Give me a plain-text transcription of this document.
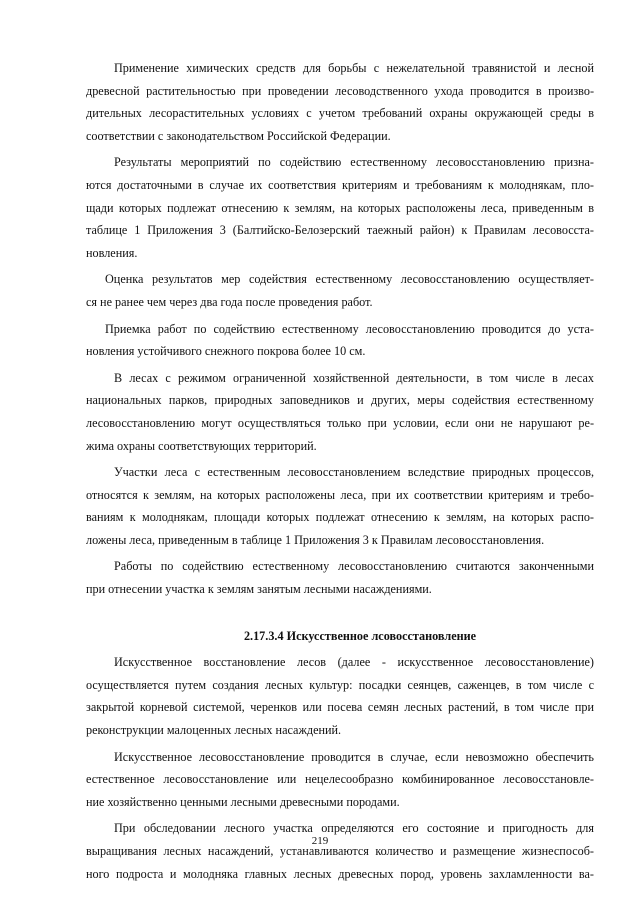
Применение химических средств для борьбы с нежелательной травянистой и лесной
древесной растительностью при проведении лесоводственного ухода проводится в произво-
дительных лесорастительных условиях с учетом требований охраны окружающей среды в
соответствии с законодательством Российской Федерации.
Результаты мероприятий по содействию естественному лесовосстановлению призна-
ются достаточными в случае их соответствия критериям и требованиям к молоднякам, пло-
щади которых подлежат отнесению к землям, на которых расположены леса, приведенным в
таблице 1 Приложения 3 (Балтийско-Белозерский таежный район) к Правилам лесовосста-
новления.
Оценка результатов мер содействия естественному лесовосстановлению осуществляет-
ся не ранее чем через два года после проведения работ.
Приемка работ по содействию естественному лесовосстановлению проводится до уста-
новления устойчивого снежного покрова более 10 см.
В лесах с режимом ограниченной хозяйственной деятельности, в том числе в лесах
национальных парков, природных заповедников и других, меры содействия естественному
лесовосстановлению могут осуществляться только при условии, если они не нарушают ре-
жима охраны соответствующих территорий.
Участки леса с естественным лесовосстановлением вследствие природных процессов,
относятся к землям, на которых расположены леса, при их соответствии критериям и требо-
ваниям к молоднякам, площади которых подлежат отнесению к землям, на которых распо-
ложены леса, приведенным в таблице 1 Приложения 3 к Правилам лесовосстановления.
Работы по содействию естественному лесовосстановлению считаются законченными
при отнесении участка к землям занятым лесными насаждениями.
2.17.3.4 Искусственное лсовосстановление
Искусственное восстановление лесов (далее - искусственное лесовосстановление)
осуществляется путем создания лесных культур: посадки сеянцев, саженцев, в том числе с
закрытой корневой системой, черенков или посева семян лесных растений, в том числе при
реконструкции малоценных лесных насаждений.
Искусственное лесовосстановление проводится в случае, если невозможно обеспечить
естественное лесовосстановление или нецелесообразно комбинированное лесовосстановле-
ние хозяйственно ценными лесными древесными породами.
При обследовании лесного участка определяются его состояние и пригодность для
выращивания лесных насаждений, устанавливаются количество и размещение жизнеспособ-
ного подроста и молодняка главных лесных древесных пород, уровень захламленности ва-
219
